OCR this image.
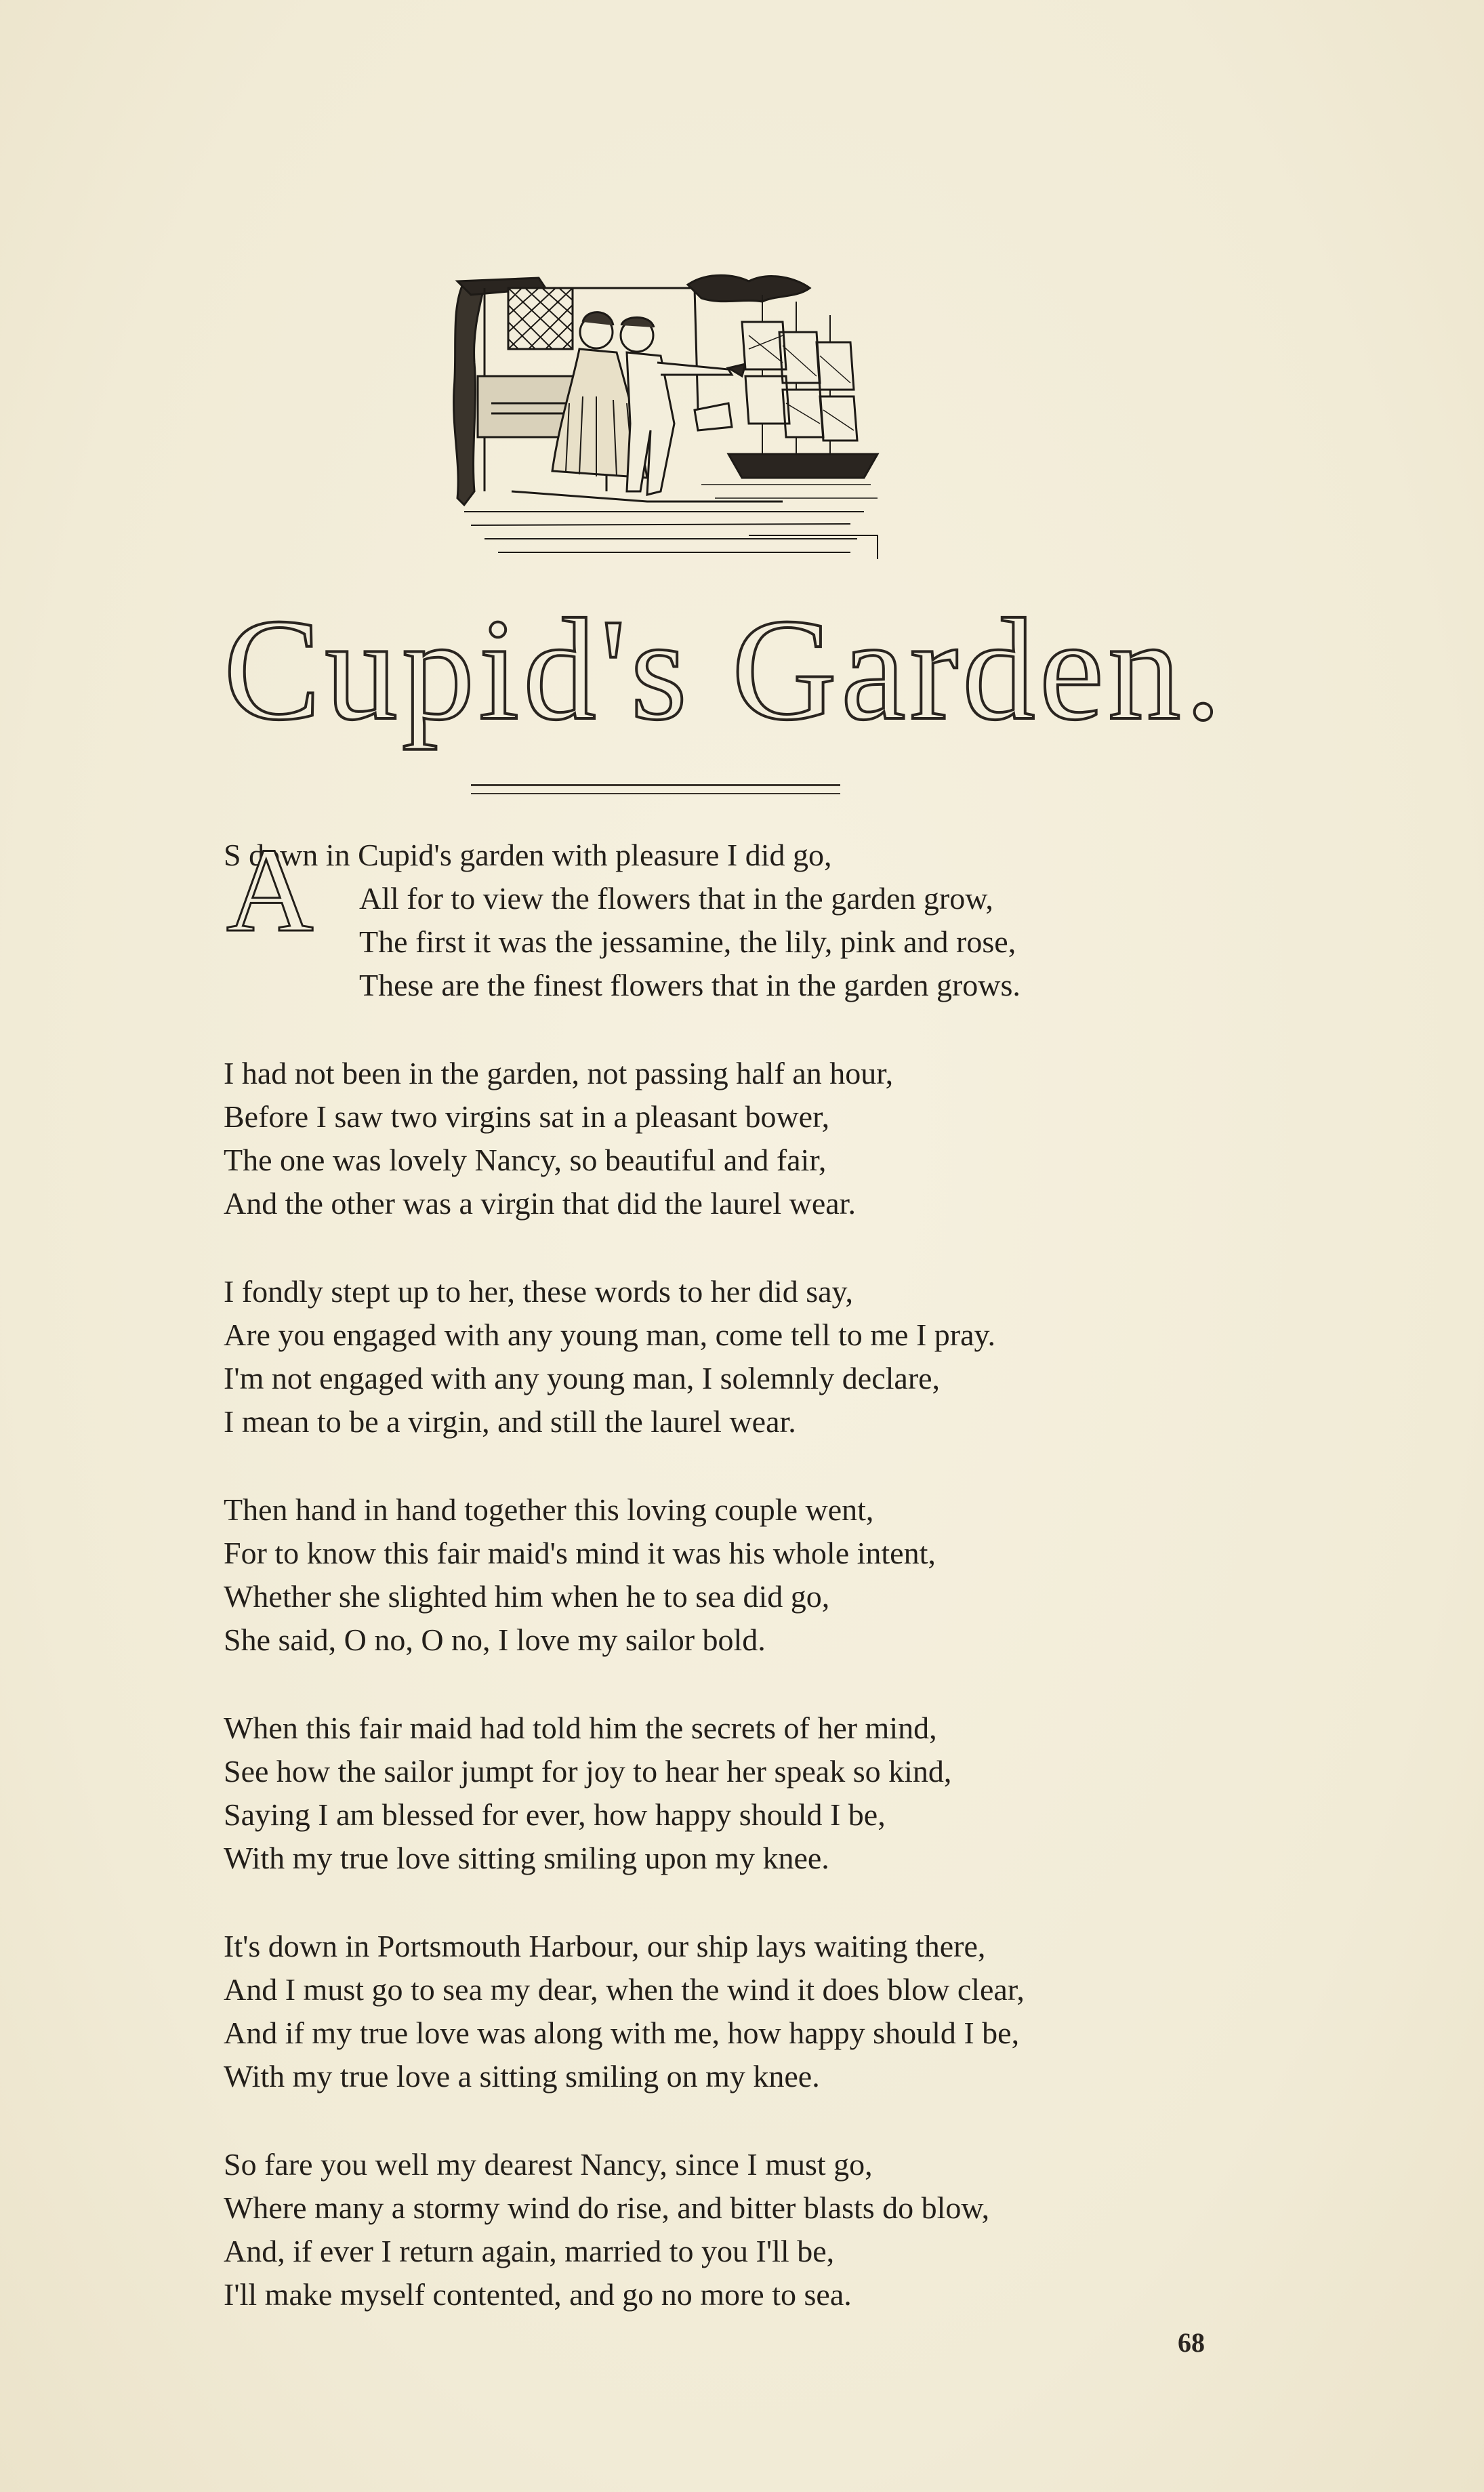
Cupid's Garden.
A
S down in Cupid's garden with pleasure I did go,
All for to view the flowers that in the garden grow,
The first it was the jessamine, the lily, pink and rose,
These are the finest flowers that in the garden grows.
I had not been in the garden, not passing half an hour,
Before I saw two virgins sat in a pleasant bower,
The one was lovely Nancy, so beautiful and fair,
And the other was a virgin that did the laurel wear.
I fondly stept up to her, these words to her did say,
Are you engaged with any young man, come tell to me I pray.
I'm not engaged with any young man, I solemnly declare,
I mean to be a virgin, and still the laurel wear.
Then hand in hand together this loving couple went,
For to know this fair maid's mind it was his whole intent,
Whether she slighted him when he to sea did go,
She said, O no, O no, I love my sailor bold.
When this fair maid had told him the secrets of her mind,
See how the sailor jumpt for joy to hear her speak so kind,
Saying I am blessed for ever, how happy should I be,
With my true love sitting smiling upon my knee.
It's down in Portsmouth Harbour, our ship lays waiting there,
And I must go to sea my dear, when the wind it does blow clear,
And if my true love was along with me, how happy should I be,
With my true love a sitting smiling on my knee.
So fare you well my dearest Nancy, since I must go,
Where many a stormy wind do rise, and bitter blasts do blow,
And, if ever I return again, married to you I'll be,
I'll make myself contented, and go no more to sea.
68
